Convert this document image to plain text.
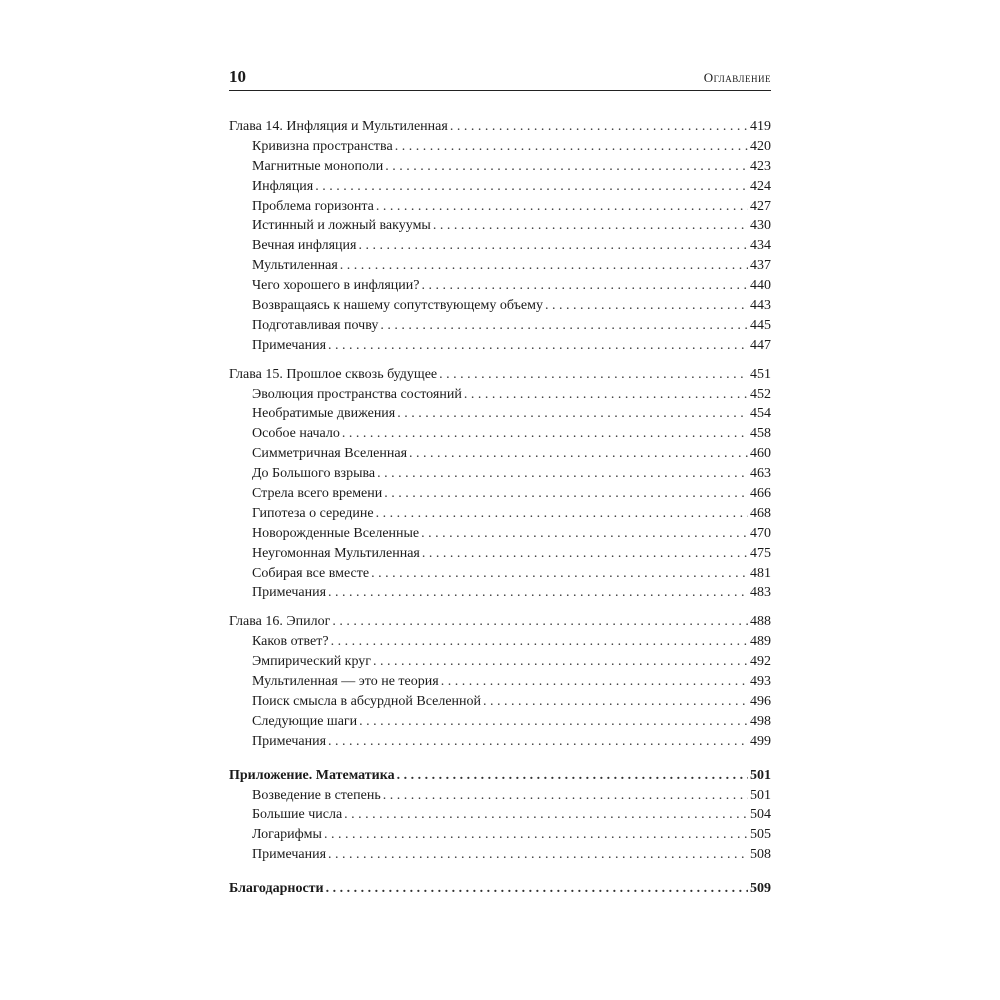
10	Оглавление
Глава 14. Инфляция и Мультиленная . . .	419
Кривизна пространства . . .	420
Магнитные монополи . . .	423
Инфляция . . .	424
Проблема горизонта . . .	427
Истинный и ложный вакуумы . . .	430
Вечная инфляция . . .	434
Мультиленная . . .	437
Чего хорошего в инфляции? . . .	440
Возвращаясь к нашему сопутствующему объему . . .	443
Подготавливая почву . . .	445
Примечания . . .	447
Глава 15. Прошлое сквозь будущее . . .	451
Эволюция пространства состояний . . .	452
Необратимые движения . . .	454
Особое начало . . .	458
Симметричная Вселенная . . .	460
До Большого взрыва . . .	463
Стрела всего времени . . .	466
Гипотеза о середине . . .	468
Новорожденные Вселенные . . .	470
Неугомонная Мультиленная . . .	475
Собирая все вместе . . .	481
Примечания . . .	483
Глава 16. Эпилог . . .	488
Каков ответ? . . .	489
Эмпирический круг . . .	492
Мультиленная — это не теория . . .	493
Поиск смысла в абсурдной Вселенной . . .	496
Следующие шаги . . .	498
Примечания . . .	499
Приложение. Математика . . .	501
Возведение в степень . . .	501
Большие числа . . .	504
Логарифмы . . .	505
Примечания . . .	508
Благодарности . . .	509
